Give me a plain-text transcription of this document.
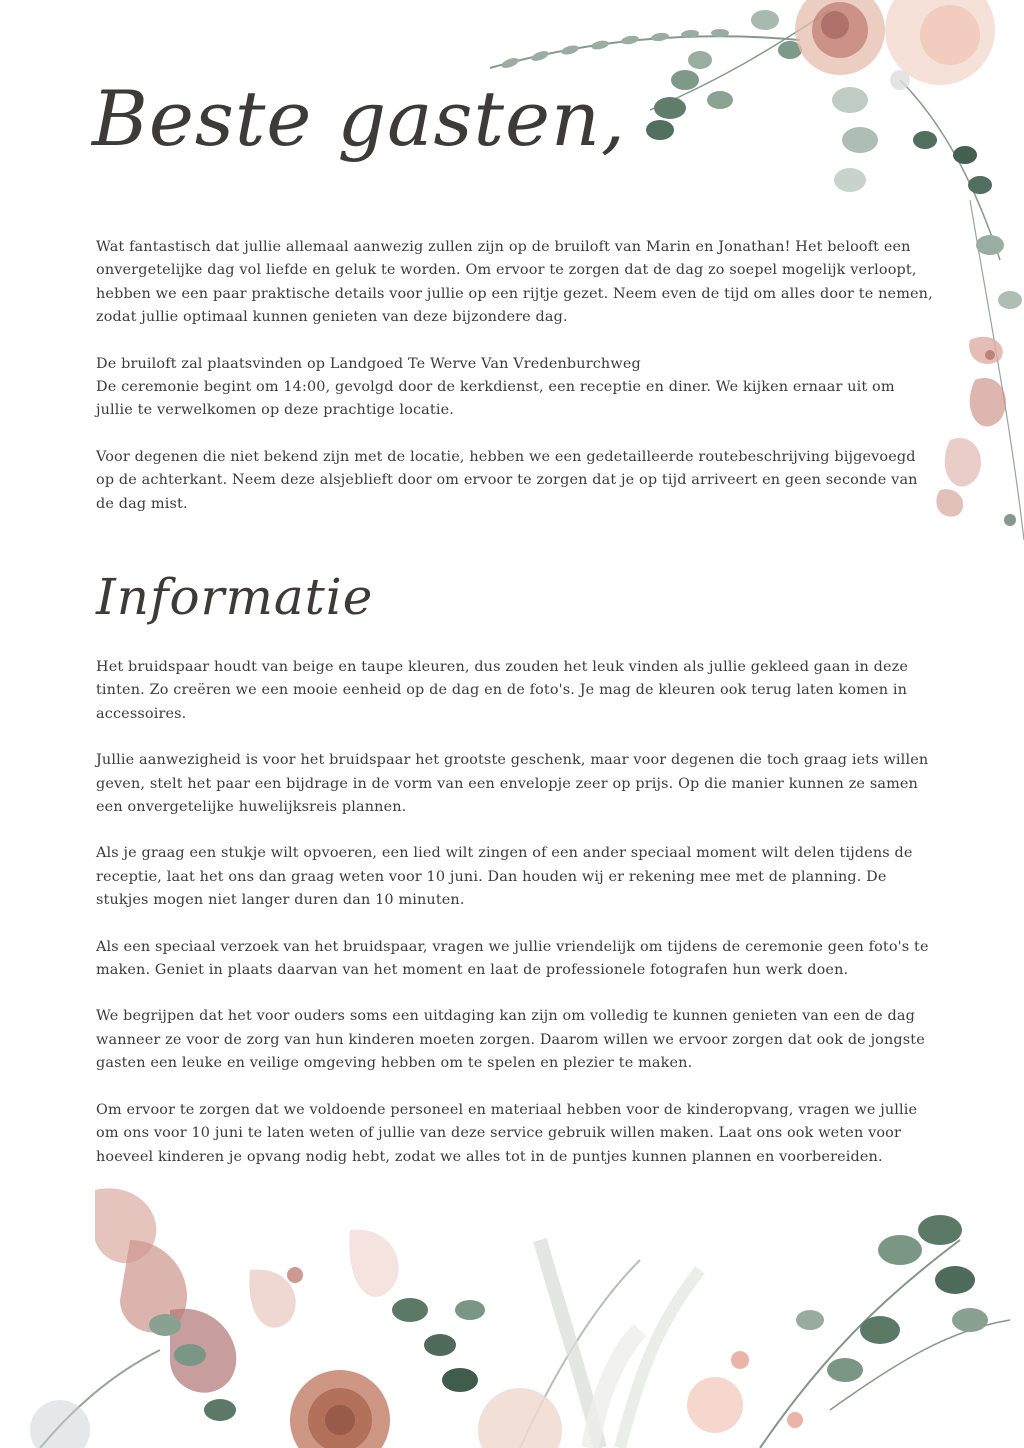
Beste gasten,

Wat fantastisch dat jullie allemaal aanwezig zullen zijn op de bruiloft van Marin en Jonathan! Het belooft een onvergetelijke dag vol liefde en geluk te worden. Om ervoor te zorgen dat de dag zo soepel mogelijk verloopt, hebben we een paar praktische details voor jullie op een rijtje gezet. Neem even de tijd om alles door te nemen, zodat jullie optimaal kunnen genieten van deze bijzondere dag.

De bruiloft zal plaatsvinden op Landgoed Te Werve Van Vredenburchweg
De ceremonie begint om 14:00, gevolgd door de kerkdienst, een receptie en diner. We kijken ernaar uit om jullie te verwelkomen op deze prachtige locatie.

Voor degenen die niet bekend zijn met de locatie, hebben we een gedetailleerde routebeschrijving bijgevoegd op de achterkant. Neem deze alsjeblieft door om ervoor te zorgen dat je op tijd arriveert en geen seconde van de dag mist.

Informatie

Het bruidspaar houdt van beige en taupe kleuren, dus zouden het leuk vinden als jullie gekleed gaan in deze tinten. Zo creëren we een mooie eenheid op de dag en de foto's. Je mag de kleuren ook terug laten komen in accessoires.

Jullie aanwezigheid is voor het bruidspaar het grootste geschenk, maar voor degenen die toch graag iets willen geven, stelt het paar een bijdrage in de vorm van een envelopje zeer op prijs. Op die manier kunnen ze samen een onvergetelijke huwelijksreis plannen.

Als je graag een stukje wilt opvoeren, een lied wilt zingen of een ander speciaal moment wilt delen tijdens de receptie, laat het ons dan graag weten voor 10 juni. Dan houden wij er rekening mee met de planning. De stukjes mogen niet langer duren dan 10 minuten.

Als een speciaal verzoek van het bruidspaar, vragen we jullie vriendelijk om tijdens de ceremonie geen foto's te maken. Geniet in plaats daarvan van het moment en laat de professionele fotografen hun werk doen.

We begrijpen dat het voor ouders soms een uitdaging kan zijn om volledig te kunnen genieten van een de dag wanneer ze voor de zorg van hun kinderen moeten zorgen. Daarom willen we ervoor zorgen dat ook de jongste gasten een leuke en veilige omgeving hebben om te spelen en plezier te maken.

Om ervoor te zorgen dat we voldoende personeel en materiaal hebben voor de kinderopvang, vragen we jullie om ons voor 10 juni te laten weten of jullie van deze service gebruik willen maken. Laat ons ook weten voor hoeveel kinderen je opvang nodig hebt, zodat we alles tot in de puntjes kunnen plannen en voorbereiden.
